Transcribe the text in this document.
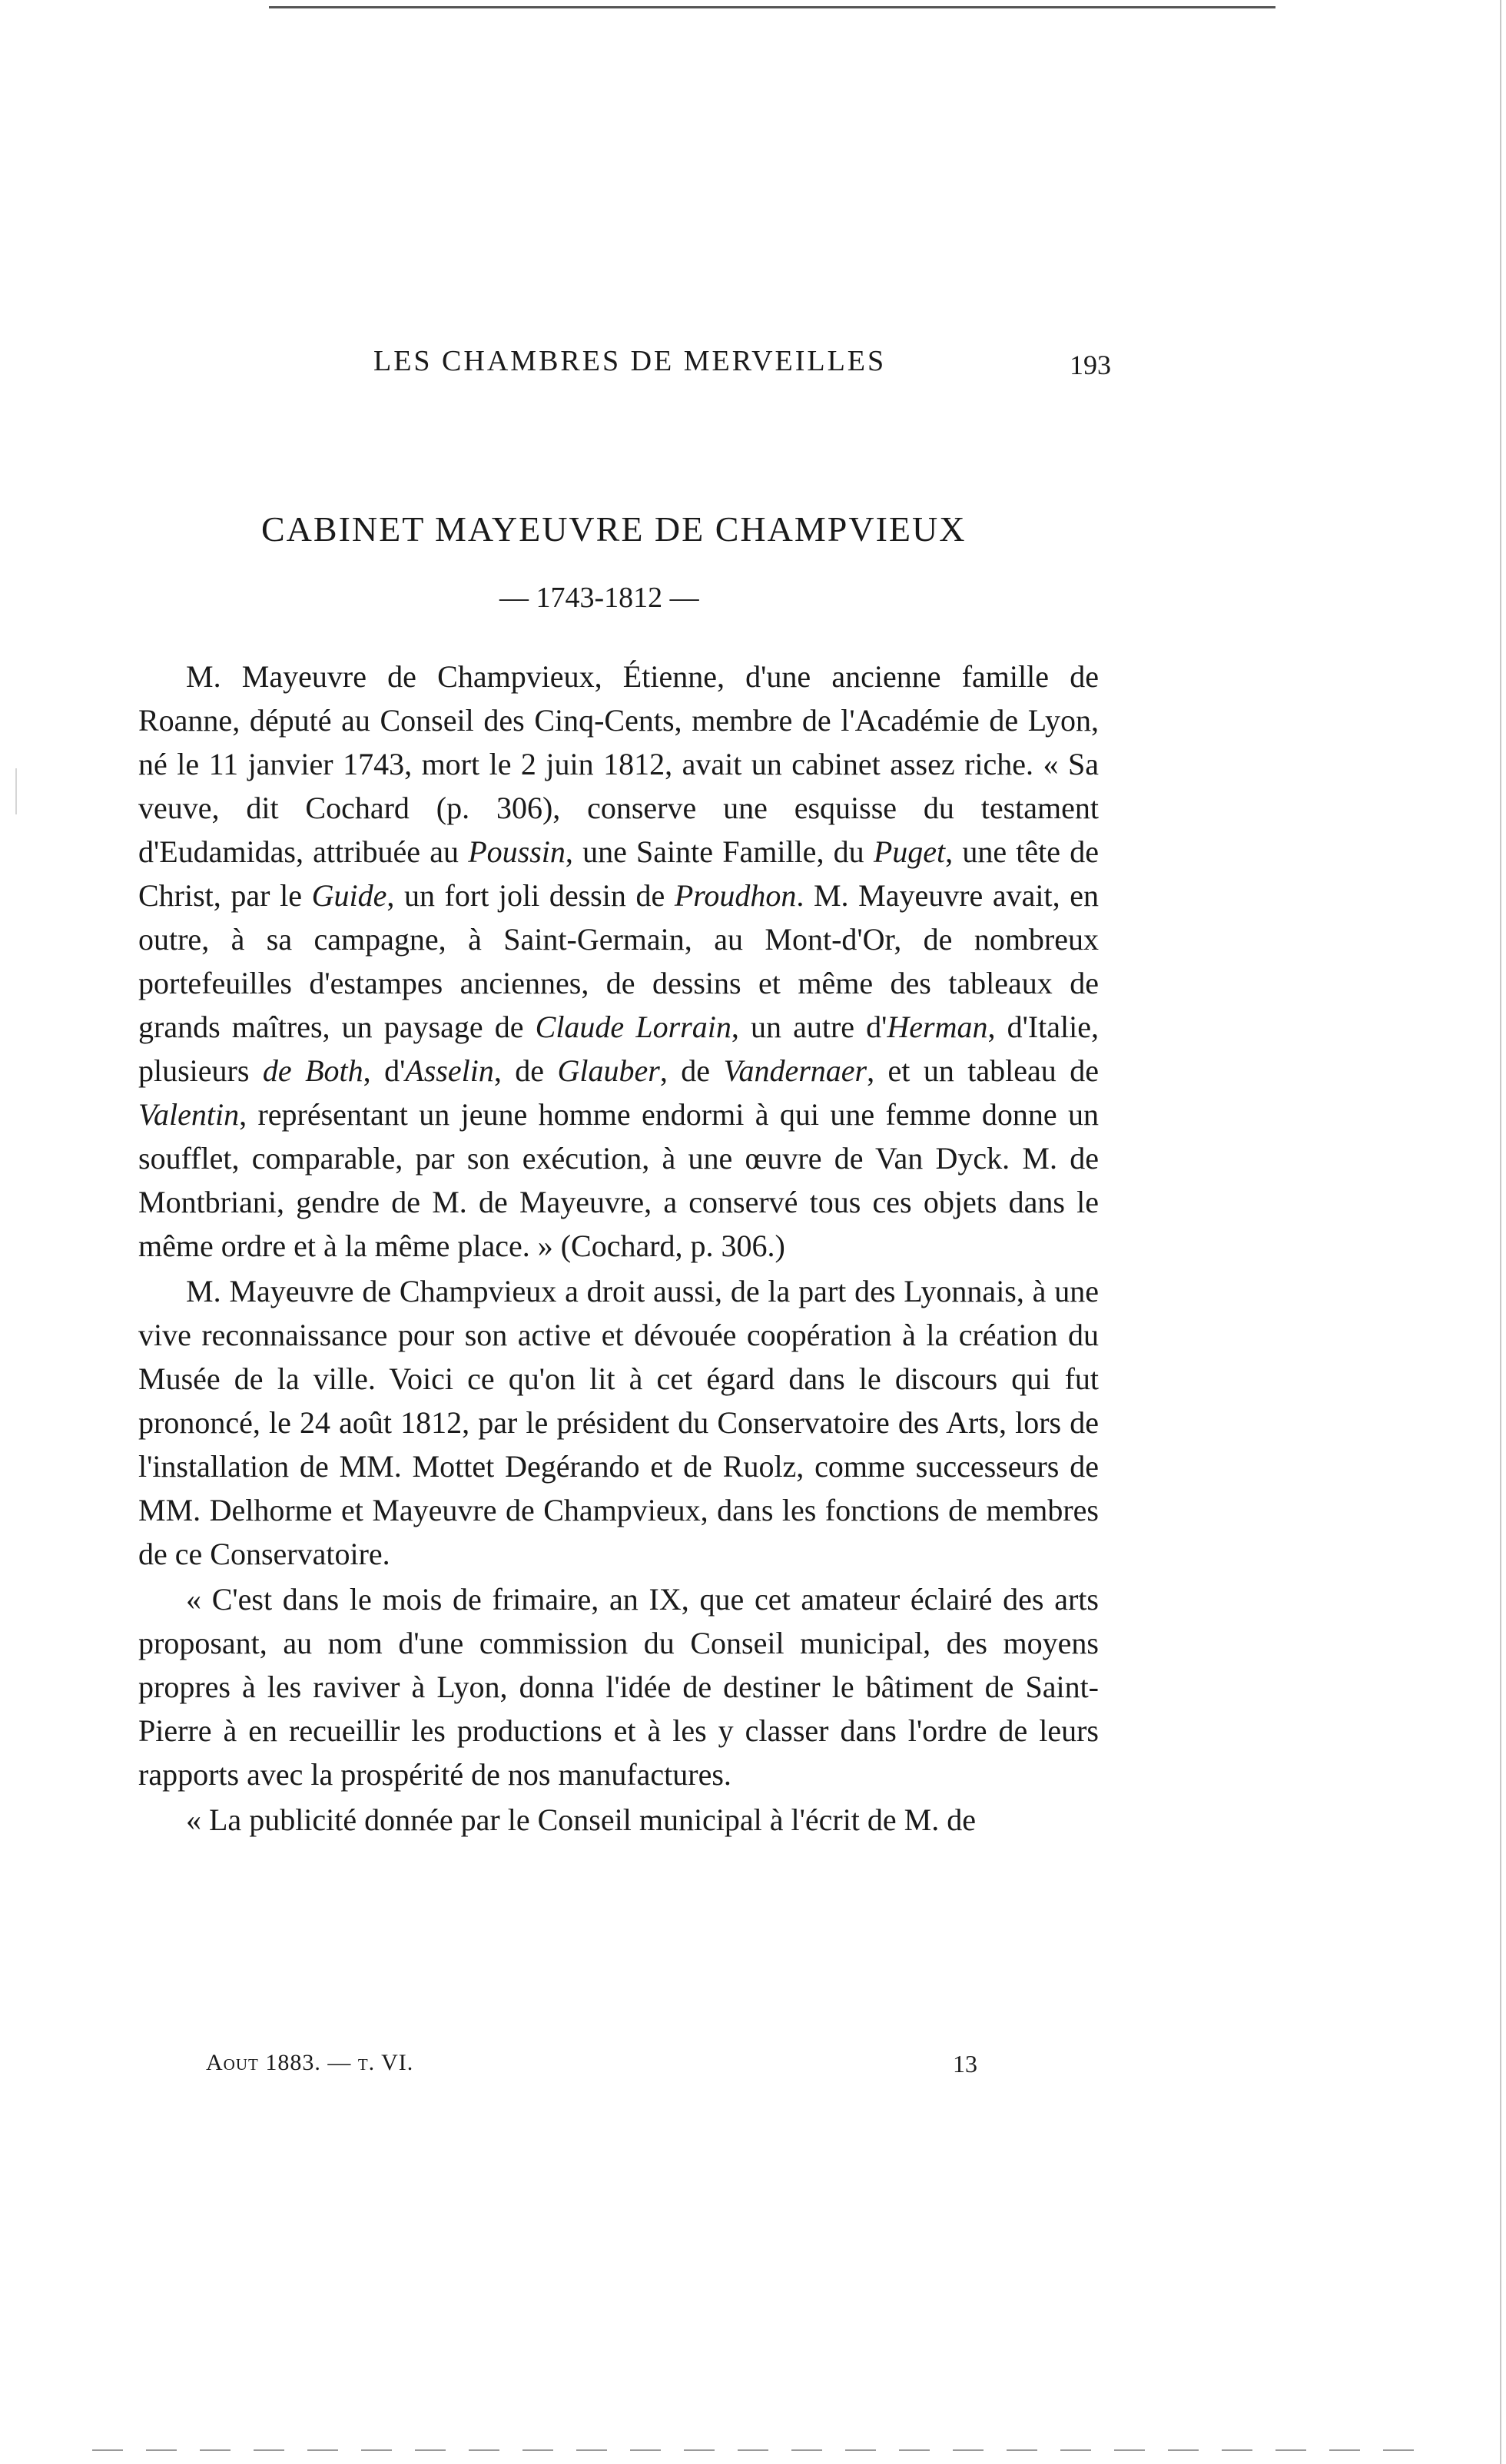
LES CHAMBRES DE MERVEILLES	193
CABINET MAYEUVRE DE CHAMPVIEUX
— 1743-1812 —

M. Mayeuvre de Champvieux, Étienne, d'une ancienne famille de Roanne, député au Conseil des Cinq-Cents, membre de l'Académie de Lyon, né le 11 janvier 1743, mort le 2 juin 1812, avait un cabinet assez riche. « Sa veuve, dit Cochard (p. 306), conserve une esquisse du testament d'Eudamidas, attribuée au Poussin, une Sainte Famille, du Puget, une tête de Christ, par le Guide, un fort joli dessin de Proudhon. M. Mayeuvre avait, en outre, à sa campagne, à Saint-Germain, au Mont-d'Or, de nombreux portefeuilles d'estampes anciennes, de dessins et même des tableaux de grands maîtres, un paysage de Claude Lorrain, un autre d'Herman, d'Italie, plusieurs de Both, d'Asselin, de Glauber, de Vandernaer, et un tableau de Valentin, représentant un jeune homme endormi à qui une femme donne un soufflet, comparable, par son exécution, à une œuvre de Van Dyck. M. de Montbriani, gendre de M. de Mayeuvre, a conservé tous ces objets dans le même ordre et à la même place. » (Cochard, p. 306.)

M. Mayeuvre de Champvieux a droit aussi, de la part des Lyonnais, à une vive reconnaissance pour son active et dévouée coopération à la création du Musée de la ville. Voici ce qu'on lit à cet égard dans le discours qui fut prononcé, le 24 août 1812, par le président du Conservatoire des Arts, lors de l'installation de MM. Mottet Degérando et de Ruolz, comme successeurs de MM. Delhorme et Mayeuvre de Champvieux, dans les fonctions de membres de ce Conservatoire.

« C'est dans le mois de frimaire, an IX, que cet amateur éclairé des arts proposant, au nom d'une commission du Conseil municipal, des moyens propres à les raviver à Lyon, donna l'idée de destiner le bâtiment de Saint-Pierre à en recueillir les productions et à les y classer dans l'ordre de leurs rapports avec la prospérité de nos manufactures.

« La publicité donnée par le Conseil municipal à l'écrit de M. de

Aout 1883. — t. VI.	13
